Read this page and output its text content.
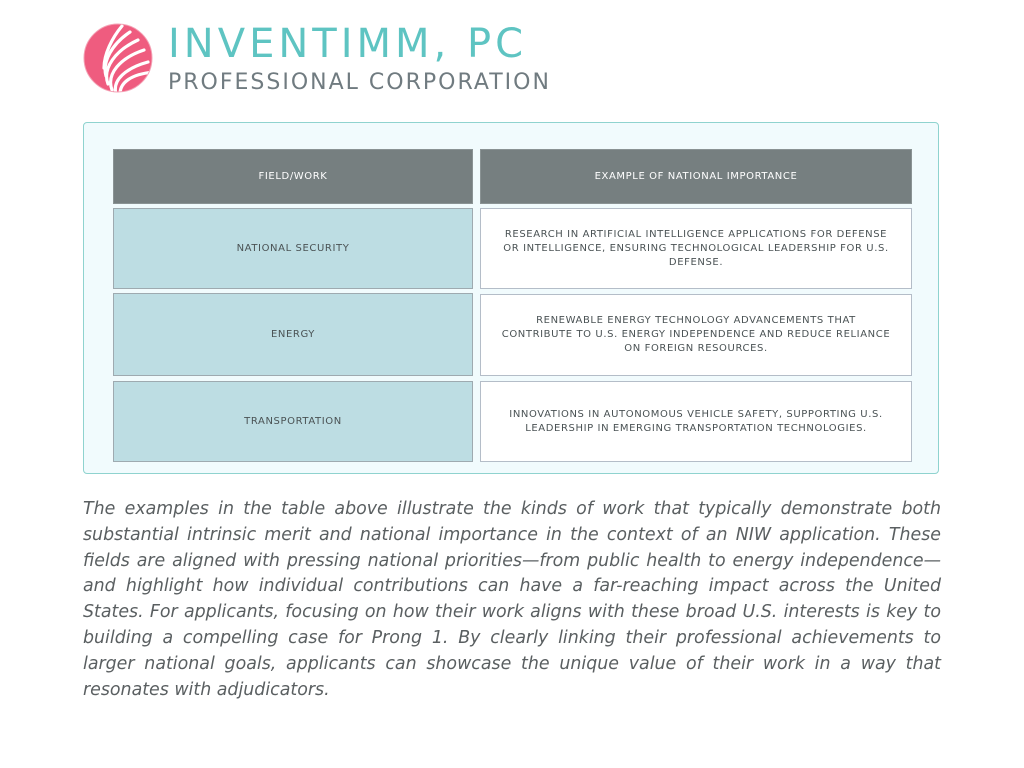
INVENTIMM, PC
PROFESSIONAL CORPORATION
FIELD/WORK	EXAMPLE OF NATIONAL IMPORTANCE
NATIONAL SECURITY
RESEARCH IN ARTIFICIAL INTELLIGENCE APPLICATIONS FOR DEFENSE OR INTELLIGENCE, ENSURING TECHNOLOGICAL LEADERSHIP FOR U.S. DEFENSE.
ENERGY
RENEWABLE ENERGY TECHNOLOGY ADVANCEMENTS THAT CONTRIBUTE TO U.S. ENERGY INDEPENDENCE AND REDUCE RELIANCE ON FOREIGN RESOURCES.
TRANSPORTATION
INNOVATIONS IN AUTONOMOUS VEHICLE SAFETY, SUPPORTING U.S. LEADERSHIP IN EMERGING TRANSPORTATION TECHNOLOGIES.

The examples in the table above illustrate the kinds of work that typically demonstrate both substantial intrinsic merit and national importance in the context of an NIW application. These fields are aligned with pressing national priorities—from public health to energy independence—and highlight how individual contributions can have a far-reaching impact across the United States. For applicants, focusing on how their work aligns with these broad U.S. interests is key to building a compelling case for Prong 1. By clearly linking their professional achievements to larger national goals, applicants can showcase the unique value of their work in a way that resonates with adjudicators.
